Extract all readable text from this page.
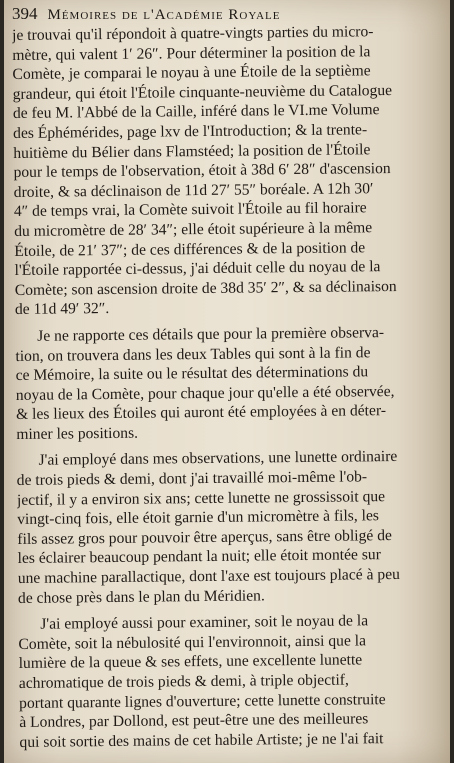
394 Mémoires de l'Académie Royale
je trouvai qu'il répondoit à quatre-vingts parties du micro-
mètre, qui valent 1′ 26″. Pour déterminer la position de la
Comète, je comparai le noyau à une Étoile de la septième
grandeur, qui étoit l'Étoile cinquante-neuvième du Catalogue
de feu M. l'Abbé de la Caille, inféré dans le VI.me Volume
des Éphémérides, page lxv de l'Introduction; & la trente-
huitième du Bélier dans Flamstéed; la position de l'Étoile
pour le temps de l'observation, étoit à 38d 6′ 28″ d'ascension
droite, & sa déclinaison de 11d 27′ 55″ boréale. A 12h 30′
4″ de temps vrai, la Comète suivoit l'Étoile au fil horaire
du micromètre de 28′ 34″; elle étoit supérieure à la même
Étoile, de 21′ 37″; de ces différences & de la position de
l'Étoile rapportée ci-dessus, j'ai déduit celle du noyau de la
Comète; son ascension droite de 38d 35′ 2″, & sa déclinaison
de 11d 49′ 32″.
Je ne rapporte ces détails que pour la première observa-
tion, on trouvera dans les deux Tables qui sont à la fin de
ce Mémoire, la suite ou le résultat des déterminations du
noyau de la Comète, pour chaque jour qu'elle a été observée,
& les lieux des Étoiles qui auront été employées à en déter-
miner les positions.
J'ai employé dans mes observations, une lunette ordinaire
de trois pieds & demi, dont j'ai travaillé moi-même l'ob-
jectif, il y a environ six ans; cette lunette ne grossissoit que
vingt-cinq fois, elle étoit garnie d'un micromètre à fils, les
fils assez gros pour pouvoir être aperçus, sans être obligé de
les éclairer beaucoup pendant la nuit; elle étoit montée sur
une machine parallactique, dont l'axe est toujours placé à peu
de chose près dans le plan du Méridien.
J'ai employé aussi pour examiner, soit le noyau de la
Comète, soit la nébulosité qui l'environnoit, ainsi que la
lumière de la queue & ses effets, une excellente lunette
achromatique de trois pieds & demi, à triple objectif,
portant quarante lignes d'ouverture; cette lunette construite
à Londres, par Dollond, est peut-être une des meilleures
qui soit sortie des mains de cet habile Artiste; je ne l'ai fait
